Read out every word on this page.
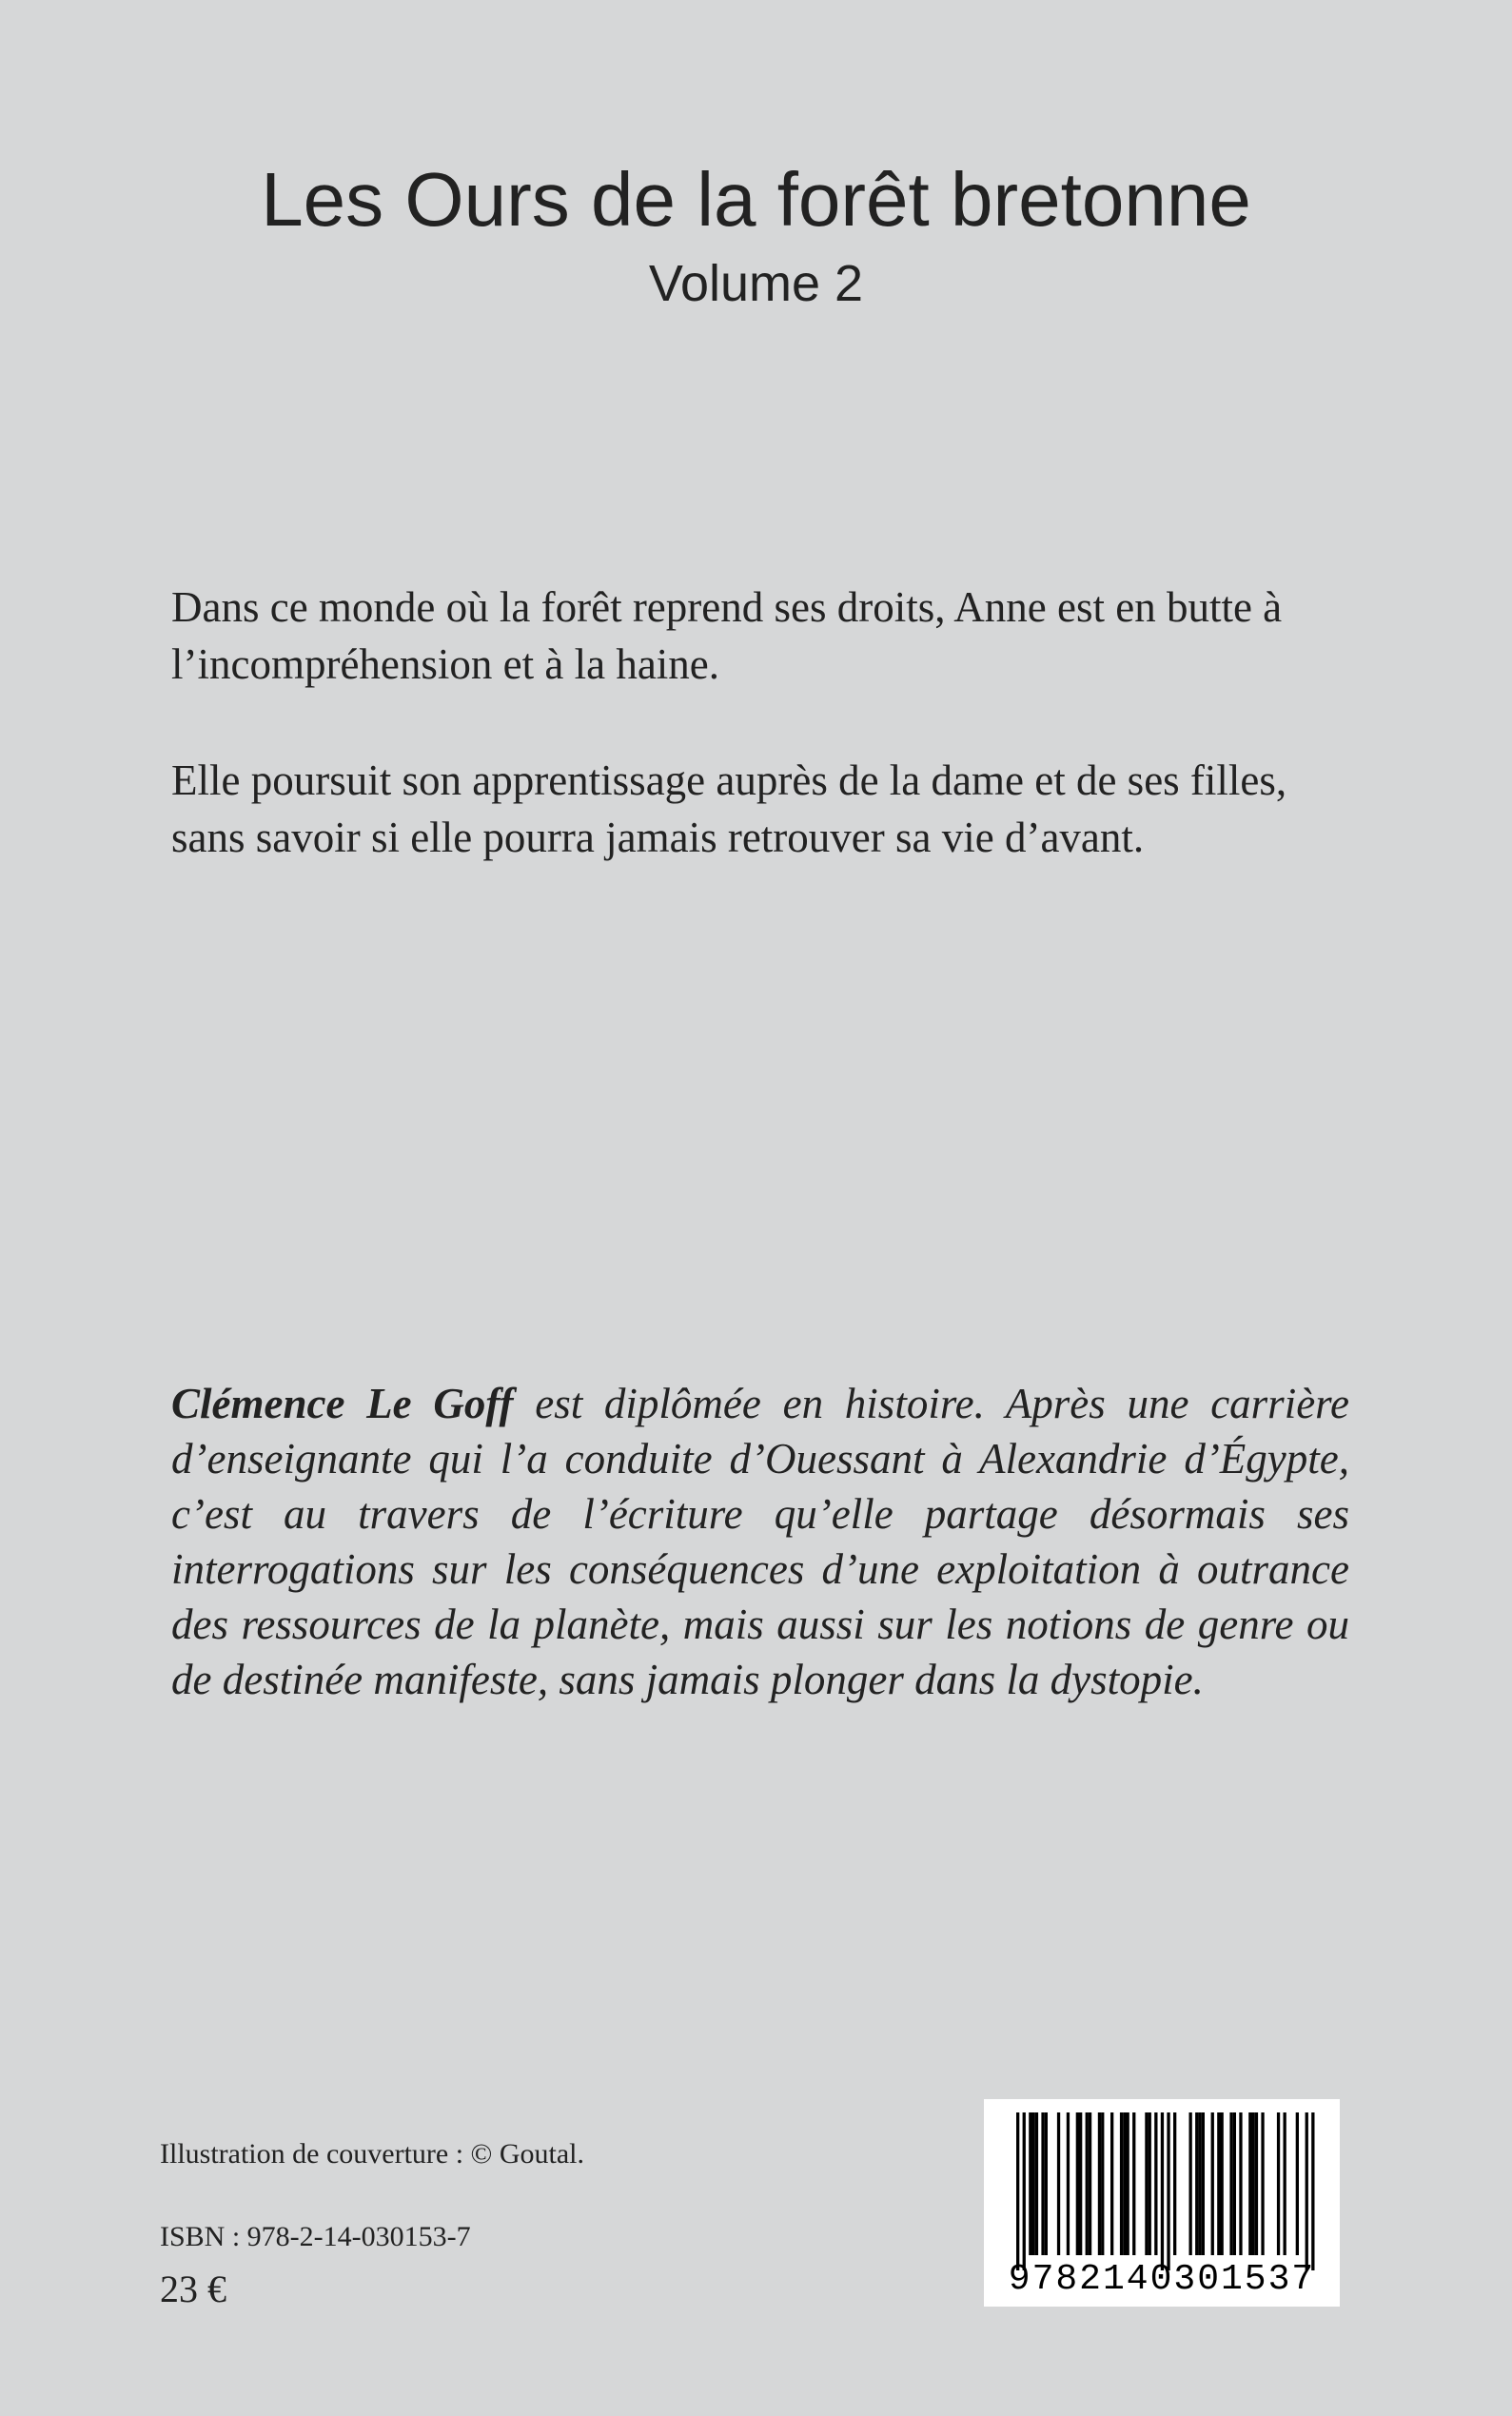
Les Ours de la forêt bretonne
Volume 2

Dans ce monde où la forêt reprend ses droits, Anne est en butte à l’incompréhension et à la haine.

Elle poursuit son apprentissage auprès de la dame et de ses filles, sans savoir si elle pourra jamais retrouver sa vie d’avant.

Clémence Le Goff est diplômée en histoire. Après une carrière d’enseignante qui l’a conduite d’Ouessant à Alexandrie d’Égypte, c’est au travers de l’écriture qu’elle partage désormais ses interrogations sur les conséquences d’une exploitation à outrance des ressources de la planète, mais aussi sur les notions de genre ou de destinée manifeste, sans jamais plonger dans la dystopie.

Illustration de couverture : © Goutal.
ISBN : 978-2-14-030153-7
23 €	9782140301537
